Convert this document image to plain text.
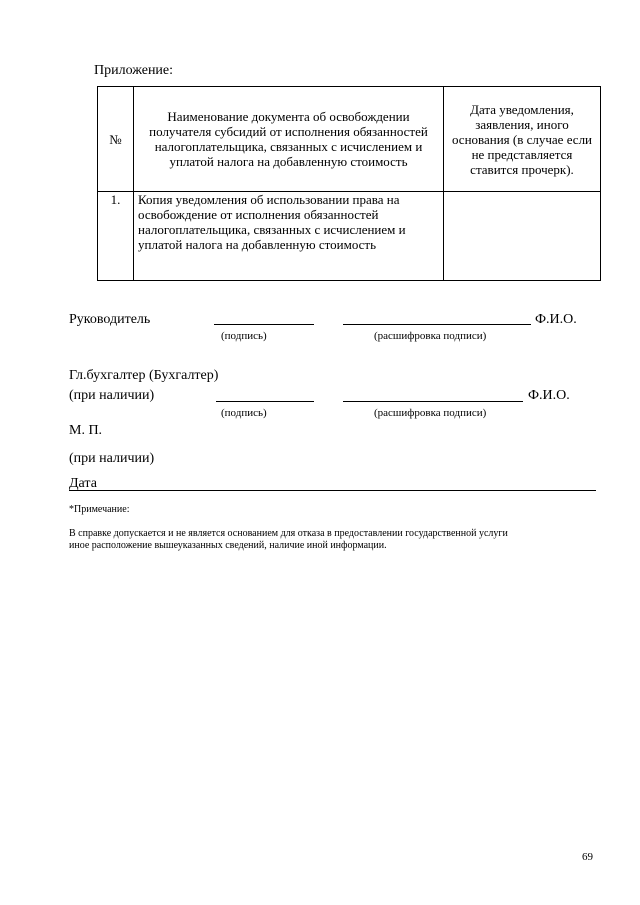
Приложение:
№	Наименование документа об освобождении получателя субсидий от исполнения обязанностей налогоплательщика, связанных с исчислением и уплатой налога на добавленную стоимость	Дата уведомления, заявления, иного основания (в случае если не представляется ставится прочерк).
1.	Копия уведомления об использовании права на освобождение от исполнения обязанностей налогоплательщика, связанных с исчислением и уплатой налога на добавленную стоимость	
Руководитель	Ф.И.О.
(подпись)	(расшифровка подписи)
Гл.бухгалтер (Бухгалтер)
(при наличии)	Ф.И.О.
(подпись)	(расшифровка подписи)
М. П.
(при наличии)
Дата
*Примечание:
В справке допускается и не является основанием для отказа в предоставлении государственной услуги
иное расположение вышеуказанных сведений, наличие иной информации.
69
